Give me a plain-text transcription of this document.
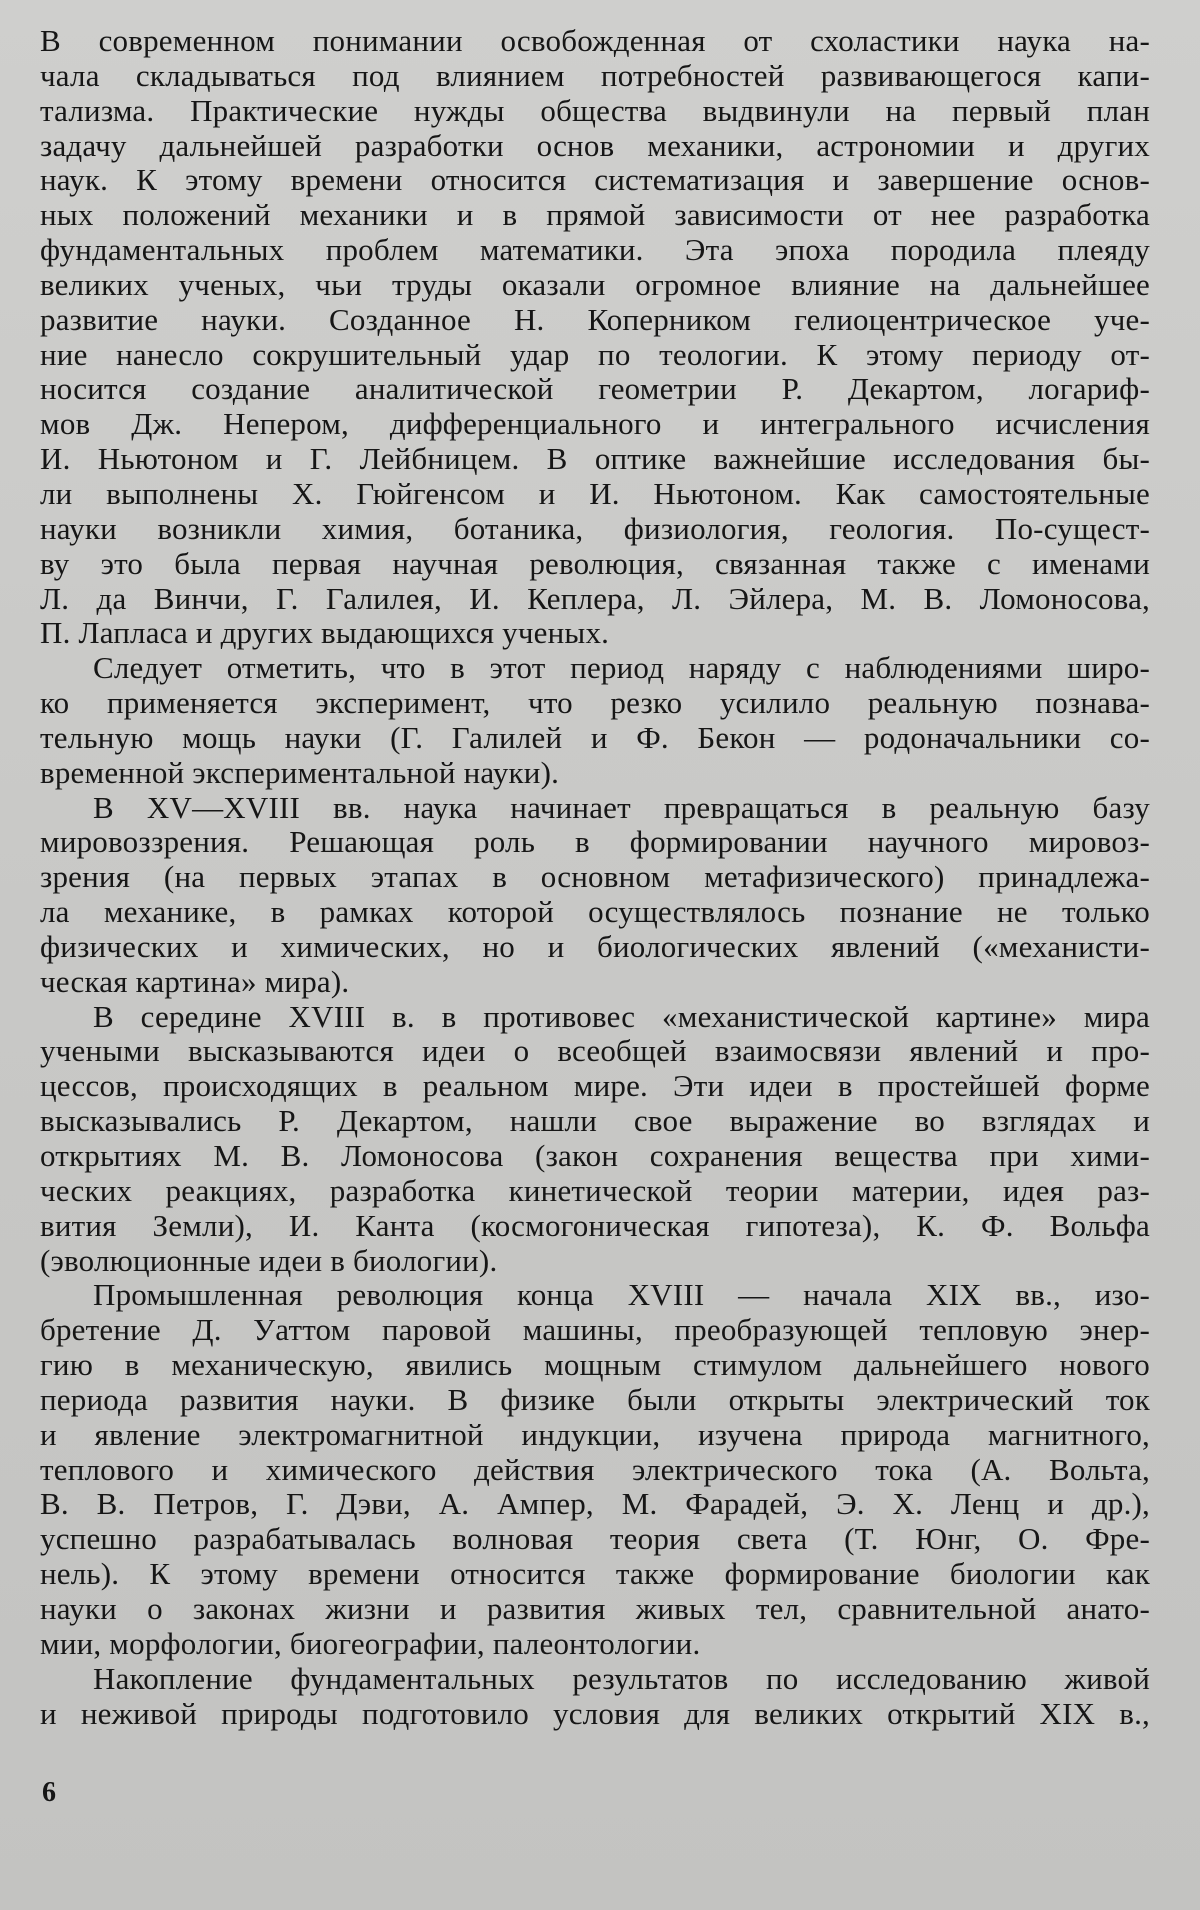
В современном понимании освобожденная от схоластики наука на-
чала складываться под влиянием потребностей развивающегося капи-
тализма. Практические нужды общества выдвинули на первый план
задачу дальнейшей разработки основ механики, астрономии и других
наук. К этому времени относится систематизация и завершение основ-
ных положений механики и в прямой зависимости от нее разработка
фундаментальных проблем математики. Эта эпоха породила плеяду
великих ученых, чьи труды оказали огромное влияние на дальнейшее
развитие науки. Созданное Н. Коперником гелиоцентрическое уче-
ние нанесло сокрушительный удар по теологии. К этому периоду от-
носится создание аналитической геометрии Р. Декартом, логариф-
мов Дж. Непером, дифференциального и интегрального исчисления
И. Ньютоном и Г. Лейбницем. В оптике важнейшие исследования бы-
ли выполнены X. Гюйгенсом и И. Ньютоном. Как самостоятельные
науки возникли химия, ботаника, физиология, геология. По-сущест-
ву это была первая научная революция, связанная также с именами
Л. да Винчи, Г. Галилея, И. Кеплера, Л. Эйлера, М. В. Ломоносова,
П. Лапласа и других выдающихся ученых.
Следует отметить, что в этот период наряду с наблюдениями широ-
ко применяется эксперимент, что резко усилило реальную познава-
тельную мощь науки (Г. Галилей и Ф. Бекон — родоначальники со-
временной экспериментальной науки).
В XV—XVIII вв. наука начинает превращаться в реальную базу
мировоззрения. Решающая роль в формировании научного мировоз-
зрения (на первых этапах в основном метафизического) принадлежа-
ла механике, в рамках которой осуществлялось познание не только
физических и химических, но и биологических явлений («механисти-
ческая картина» мира).
В середине XVIII в. в противовес «механистической картине» мира
учеными высказываются идеи о всеобщей взаимосвязи явлений и про-
цессов, происходящих в реальном мире. Эти идеи в простейшей форме
высказывались Р. Декартом, нашли свое выражение во взглядах и
открытиях М. В. Ломоносова (закон сохранения вещества при хими-
ческих реакциях, разработка кинетической теории материи, идея раз-
вития Земли), И. Канта (космогоническая гипотеза), К. Ф. Вольфа
(эволюционные идеи в биологии).
Промышленная революция конца XVIII — начала XIX вв., изо-
бретение Д. Уаттом паровой машины, преобразующей тепловую энер-
гию в механическую, явились мощным стимулом дальнейшего нового
периода развития науки. В физике были открыты электрический ток
и явление электромагнитной индукции, изучена природа магнитного,
теплового и химического действия электрического тока (А. Вольта,
В. В. Петров, Г. Дэви, А. Ампер, М. Фарадей, Э. Х. Ленц и др.),
успешно разрабатывалась волновая теория света (Т. Юнг, О. Фре-
нель). К этому времени относится также формирование биологии как
науки о законах жизни и развития живых тел, сравнительной анато-
мии, морфологии, биогеографии, палеонтологии.
Накопление фундаментальных результатов по исследованию живой
и неживой природы подготовило условия для великих открытий XIX в.,
6
